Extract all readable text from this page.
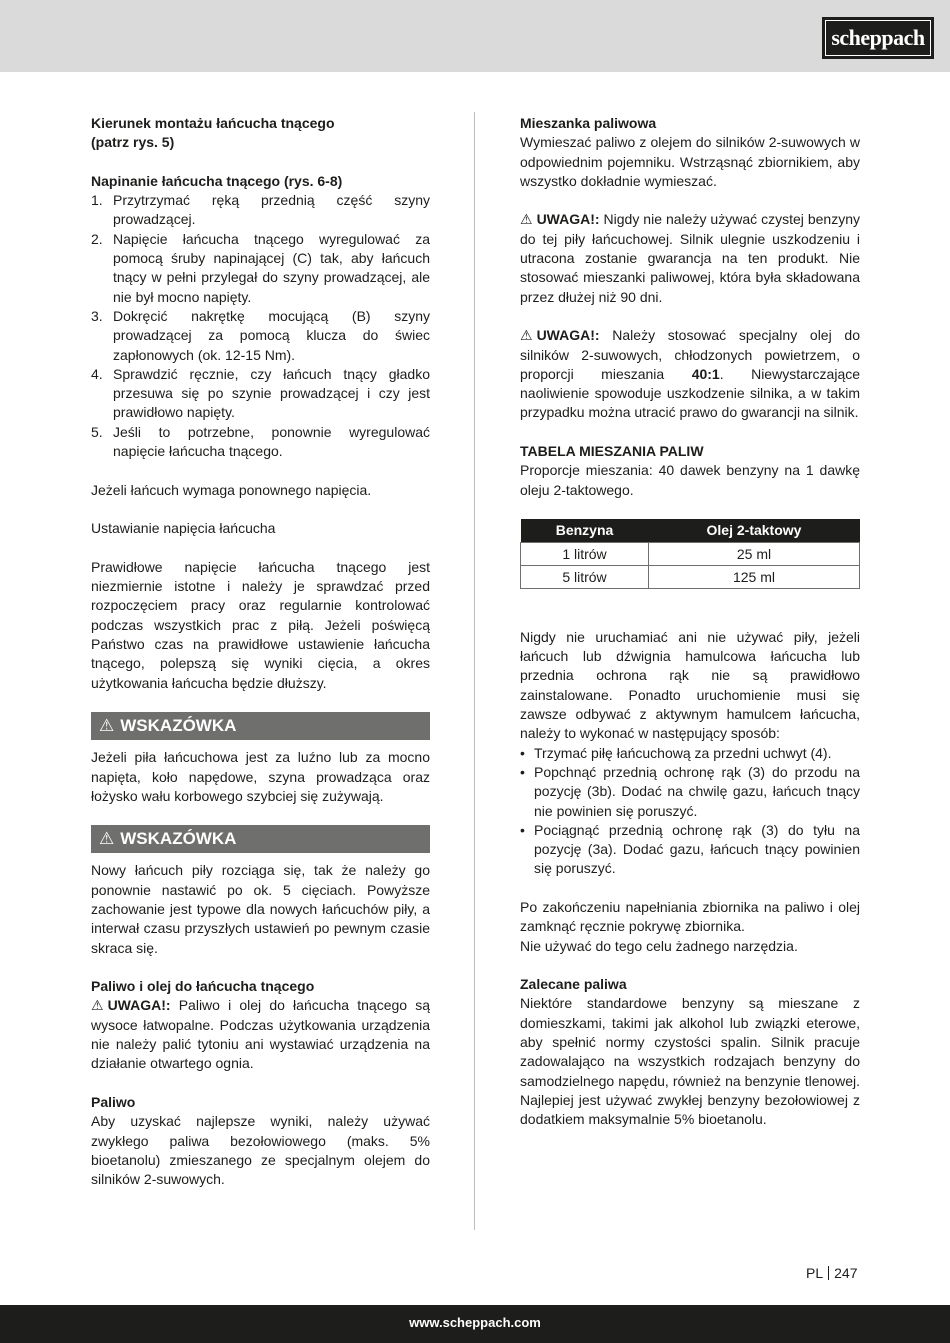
scheppach

Kierunek montażu łańcucha tnącego

(patrz rys. 5)

Napinanie łańcucha tnącego (rys. 6-8)

1. Przytrzymać ręką przednią część szyny prowadzącej.
2. Napięcie łańcucha tnącego wyregulować za pomocą śruby napinającej (C) tak, aby łańcuch tnący w pełni przylegał do szyny prowadzącej, ale nie był mocno napięty.
3. Dokręcić nakrętkę mocującą (B) szyny prowadzącej za pomocą klucza do świec zapłonowych (ok. 12-15 Nm).
4. Sprawdzić ręcznie, czy łańcuch tnący gładko przesuwa się po szynie prowadzącej i czy jest prawidłowo napięty.
5. Jeśli to potrzebne, ponownie wyregulować napięcie łańcucha tnącego.

Jeżeli łańcuch wymaga ponownego napięcia.

Ustawianie napięcia łańcucha

Prawidłowe napięcie łańcucha tnącego jest niezmiernie istotne i należy je sprawdzać przed rozpoczęciem pracy oraz regularnie kontrolować podczas wszystkich prac z piłą. Jeżeli poświęcą Państwo czas na prawidłowe ustawienie łańcucha tnącego, polepszą się wyniki cięcia, a okres użytkowania łańcucha będzie dłuższy.

⚠ WSKAZÓWKA

Jeżeli piła łańcuchowa jest za luźno lub za mocno napięta, koło napędowe, szyna prowadząca oraz łożysko wału korbowego szybciej się zużywają.

⚠ WSKAZÓWKA

Nowy łańcuch piły rozciąga się, tak że należy go ponownie nastawić po ok. 5 cięciach. Powyższe zachowanie jest typowe dla nowych łańcuchów piły, a interwał czasu przyszłych ustawień po pewnym czasie skraca się.

Paliwo i olej do łańcucha tnącego

⚠ UWAGA!: Paliwo i olej do łańcucha tnącego są wysoce łatwopalne. Podczas użytkowania urządzenia nie należy palić tytoniu ani wystawiać urządzenia na działanie otwartego ognia.

Paliwo

Aby uzyskać najlepsze wyniki, należy używać zwykłego paliwa bezołowiowego (maks. 5% bioetanolu) zmieszanego ze specjalnym olejem do silników 2-suwowych.

Mieszanka paliwowa

Wymieszać paliwo z olejem do silników 2-suwowych w odpowiednim pojemniku. Wstrząsnąć zbiornikiem, aby wszystko dokładnie wymieszać.

⚠ UWAGA!: Nigdy nie należy używać czystej benzyny do tej piły łańcuchowej. Silnik ulegnie uszkodzeniu i utracona zostanie gwarancja na ten produkt. Nie stosować mieszanki paliwowej, która była składowana przez dłużej niż 90 dni.

⚠ UWAGA!: Należy stosować specjalny olej do silników 2-suwowych, chłodzonych powietrzem, o proporcji mieszania 40:1. Niewystarczające naoliwienie spowoduje uszkodzenie silnika, a w takim przypadku można utracić prawo do gwarancji na silnik.

TABELA MIESZANIA PALIW

Proporcje mieszania: 40 dawek benzyny na 1 dawkę oleju 2-taktowego.

Benzyna	Olej 2-taktowy
1 litrów	25 ml
5 litrów	125 ml

Nigdy nie uruchamiać ani nie używać piły, jeżeli łańcuch lub dźwignia hamulcowa łańcucha lub przednia ochrona rąk nie są prawidłowo zainstalowane. Ponadto uruchomienie musi się zawsze odbywać z aktywnym hamulcem łańcucha, należy to wykonać w następujący sposób:

• Trzymać piłę łańcuchową za przedni uchwyt (4).
• Popchnąć przednią ochronę rąk (3) do przodu na pozycję (3b). Dodać na chwilę gazu, łańcuch tnący nie powinien się poruszyć.
• Pociągnąć przednią ochronę rąk (3) do tyłu na pozycję (3a). Dodać gazu, łańcuch tnący powinien się poruszyć.

Po zakończeniu napełniania zbiornika na paliwo i olej zamknąć ręcznie pokrywę zbiornika.

Nie używać do tego celu żadnego narzędzia.

Zalecane paliwa

Niektóre standardowe benzyny są mieszane z domieszkami, takimi jak alkohol lub związki eterowe, aby spełnić normy czystości spalin. Silnik pracuje zadowalająco na wszystkich rodzajach benzyny do samodzielnego napędu, również na benzynie tlenowej. Najlepiej jest używać zwykłej benzyny bezołowiowej z dodatkiem maksymalnie 5% bioetanolu.

PL 247
www.scheppach.com
